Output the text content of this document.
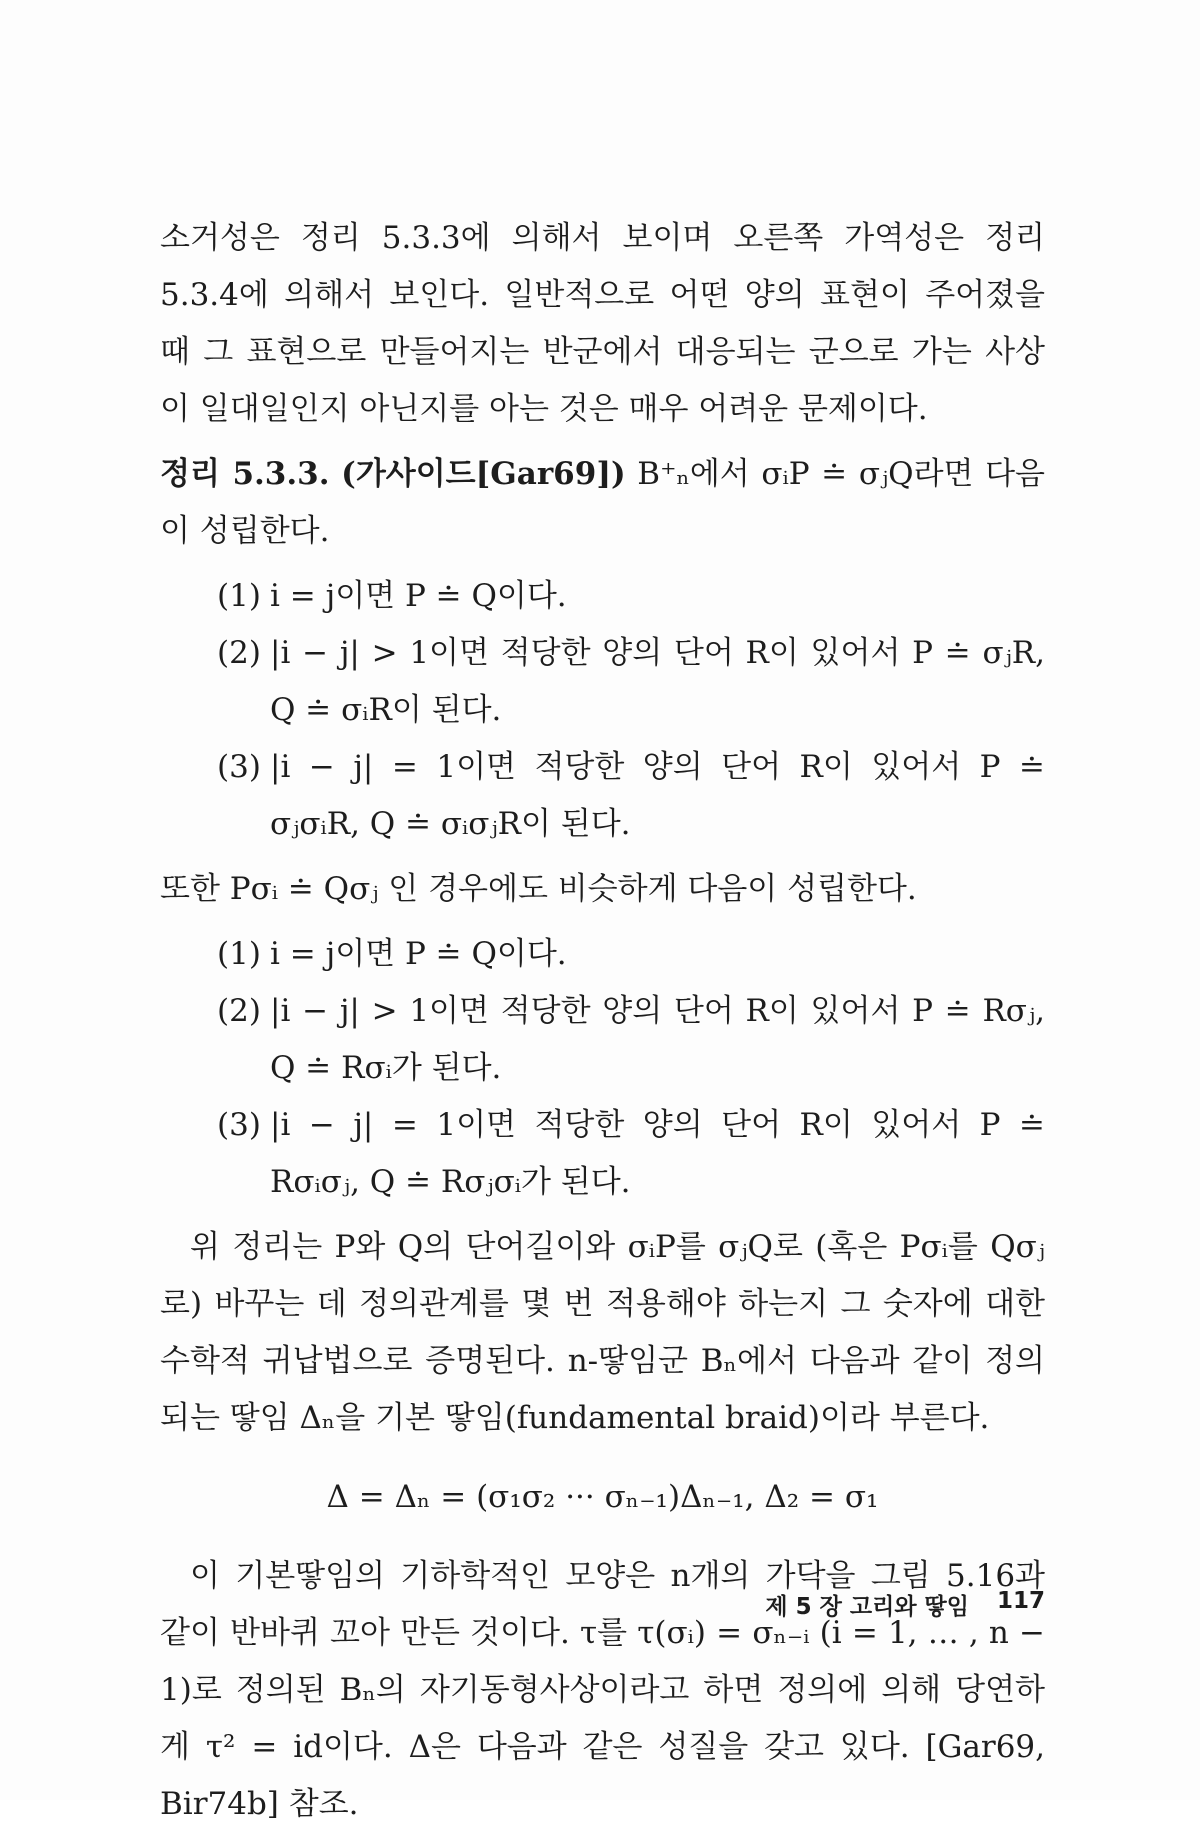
소거성은 정리 5.3.3에 의해서 보이며 오른쪽 가역성은 정리 5.3.4에 의해서 보인다. 일반적으로 어떤 양의 표현이 주어졌을 때 그 표현으로 만들어지는 반군에서 대응되는 군으로 가는 사상이 일대일인지 아닌지를 아는 것은 매우 어려운 문제이다.

정리 5.3.3. (가사이드[Gar69]) B⁺ₙ에서 σᵢP ≐ σⱼQ라면 다음이 성립한다.

(1) i = j이면 P ≐ Q이다.

(2) |i − j| > 1이면 적당한 양의 단어 R이 있어서 P ≐ σⱼR, Q ≐ σᵢR이 된다.

(3) |i − j| = 1이면 적당한 양의 단어 R이 있어서 P ≐ σⱼσᵢR, Q ≐ σᵢσⱼR이 된다.

또한 Pσᵢ ≐ Qσⱼ 인 경우에도 비슷하게 다음이 성립한다.

(1) i = j이면 P ≐ Q이다.

(2) |i − j| > 1이면 적당한 양의 단어 R이 있어서 P ≐ Rσⱼ, Q ≐ Rσᵢ가 된다.

(3) |i − j| = 1이면 적당한 양의 단어 R이 있어서 P ≐ Rσᵢσⱼ, Q ≐ Rσⱼσᵢ가 된다.

위 정리는 P와 Q의 단어길이와 σᵢP를 σⱼQ로 (혹은 Pσᵢ를 Qσⱼ로) 바꾸는 데 정의관계를 몇 번 적용해야 하는지 그 숫자에 대한 수학적 귀납법으로 증명된다. n-땋임군 Bₙ에서 다음과 같이 정의되는 땋임 Δₙ을 기본 땋임(fundamental braid)이라 부른다.

Δ = Δₙ = (σ₁σ₂ ··· σₙ₋₁)Δₙ₋₁, Δ₂ = σ₁

이 기본땋임의 기하학적인 모양은 n개의 가닥을 그림 5.16과 같이 반바퀴 꼬아 만든 것이다. τ를 τ(σᵢ) = σₙ₋ᵢ (i = 1, … , n − 1)로 정의된 Bₙ의 자기동형사상이라고 하면 정의에 의해 당연하게 τ² = id이다. Δ은 다음과 같은 성질을 갖고 있다. [Gar69, Bir74b] 참조.

제 5 장 고리와 땋임 117
